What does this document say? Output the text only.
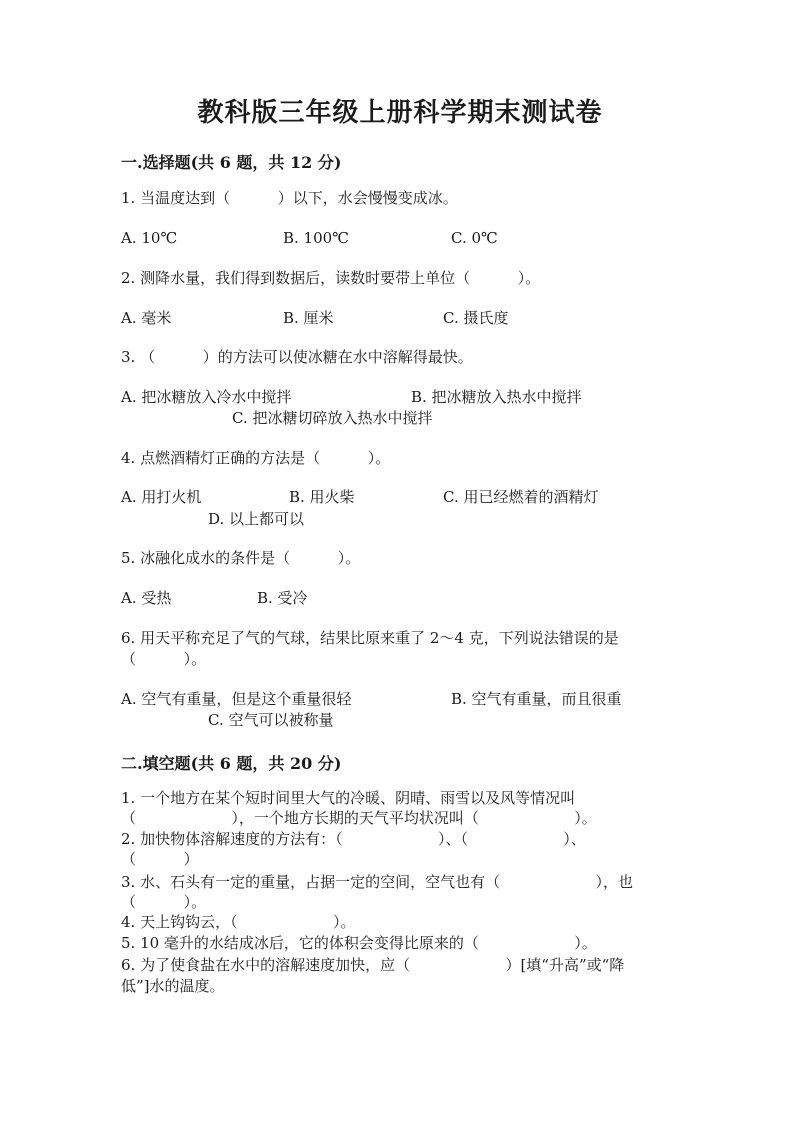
教科版三年级上册科学期末测试卷
一.选择题(共 6 题，共 12 分)
1. 当温度达到（          ）以下，水会慢慢变成冰。
A. 10℃	B. 100℃	C. 0℃
2. 测降水量，我们得到数据后，读数时要带上单位（          ）。
A. 毫米	B. 厘米	C. 摄氏度
3. （          ）的方法可以使冰糖在水中溶解得最快。
A. 把冰糖放入冷水中搅拌	B. 把冰糖放入热水中搅拌
C. 把冰糖切碎放入热水中搅拌
4. 点燃酒精灯正确的方法是（          ）。
A. 用打火机	B. 用火柴	C. 用已经燃着的酒精灯
D. 以上都可以
5. 冰融化成水的条件是（          ）。
A. 受热	B. 受冷
6. 用天平称充足了气的气球，结果比原来重了 2～4 克，下列说法错误的是
（          ）。
A. 空气有重量，但是这个重量很轻	B. 空气有重量，而且很重
C. 空气可以被称量
二.填空题(共 6 题，共 20 分)
1. 一个地方在某个短时间里大气的冷暖、阴晴、雨雪以及风等情况叫
（                    ），一个地方长期的天气平均状况叫（                    ）。
2. 加快物体溶解速度的方法有：（                    ）、（                    ）、
（          ）
3. 水、石头有一定的重量，占据一定的空间，空气也有（                    ），也
（          ）。
4. 天上钩钩云，（                    ）。
5. 10 毫升的水结成冰后，它的体积会变得比原来的（                    ）。
6. 为了使食盐在水中的溶解速度加快，应（                    ）[填“升高”或“降
低”]水的温度。
